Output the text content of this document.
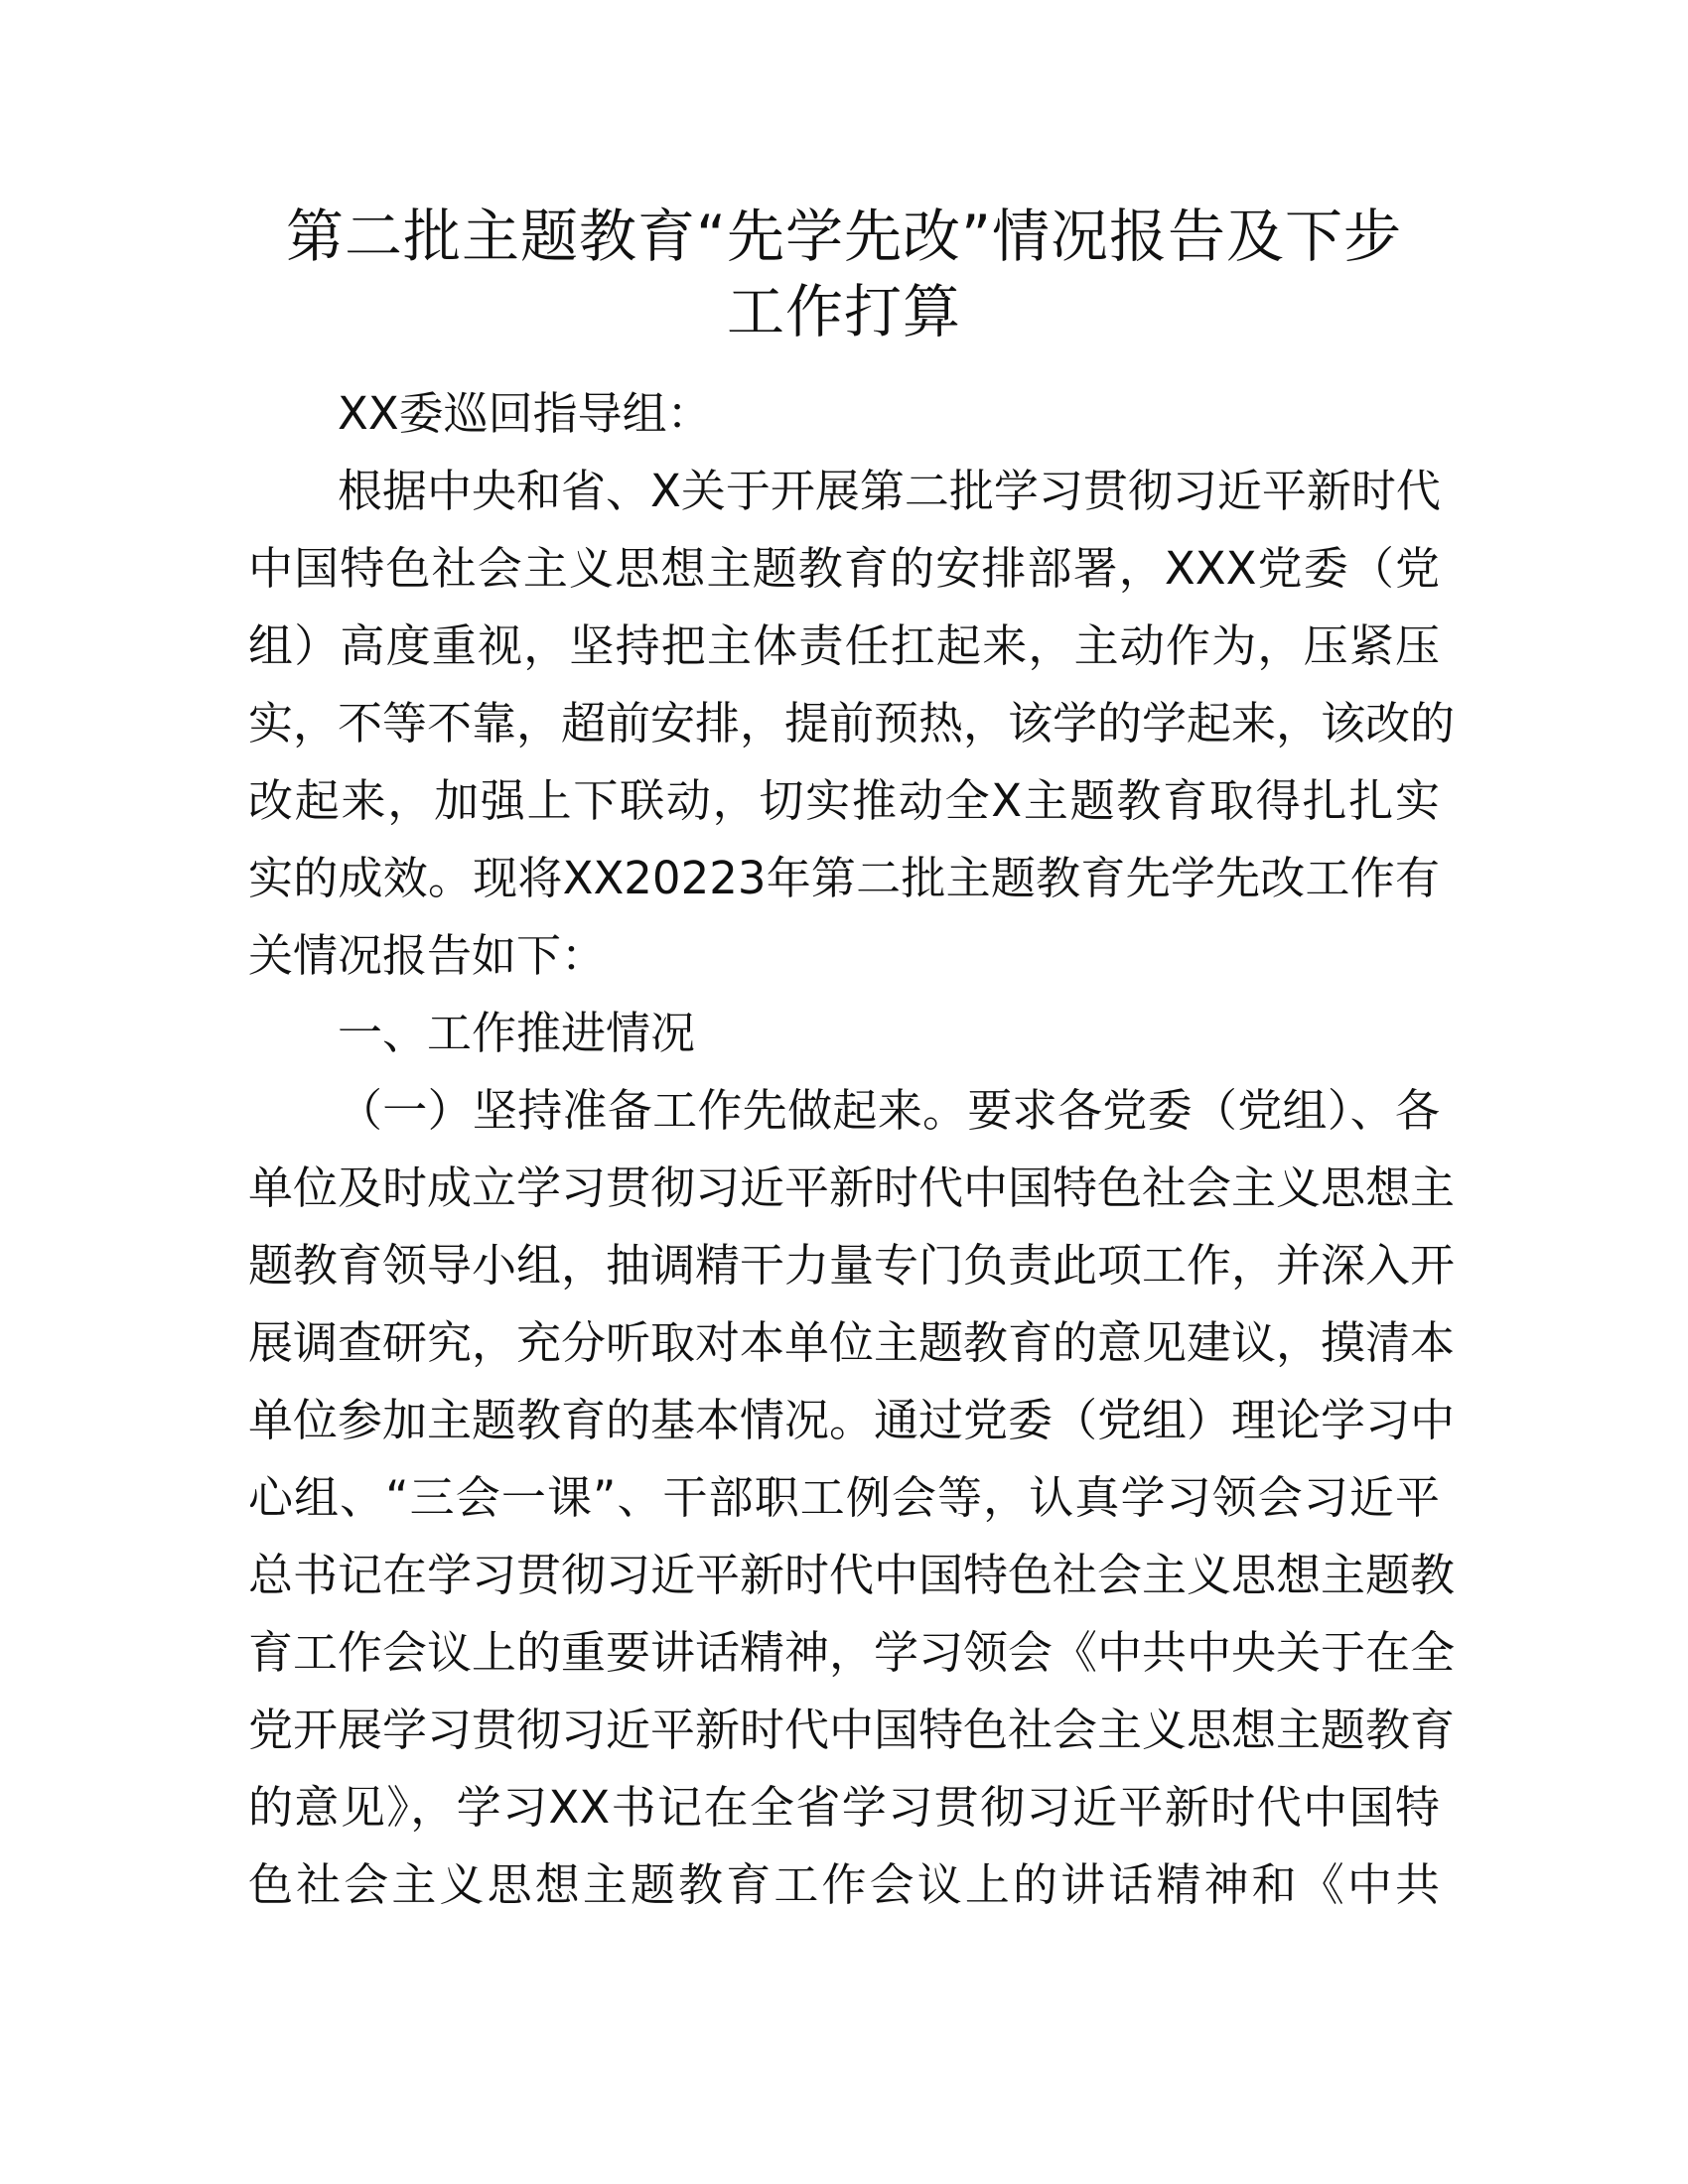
第二批主题教育“先学先改”情况报告及下步
工作打算
XX委巡回指导组：
根据中央和省、X关于开展第二批学习贯彻习近平新时代
中国特色社会主义思想主题教育的安排部署，XXX党委（党
组）高度重视，坚持把主体责任扛起来，主动作为，压紧压
实，不等不靠，超前安排，提前预热，该学的学起来，该改的
改起来，加强上下联动，切实推动全X主题教育取得扎扎实
实的成效。现将XX20223年第二批主题教育先学先改工作有
关情况报告如下：
一、工作推进情况
（一）坚持准备工作先做起来。要求各党委（党组）、各
单位及时成立学习贯彻习近平新时代中国特色社会主义思想主
题教育领导小组，抽调精干力量专门负责此项工作，并深入开
展调查研究，充分听取对本单位主题教育的意见建议，摸清本
单位参加主题教育的基本情况。通过党委（党组）理论学习中
心组、“三会一课”、干部职工例会等，认真学习领会习近平
总书记在学习贯彻习近平新时代中国特色社会主义思想主题教
育工作会议上的重要讲话精神，学习领会《中共中央关于在全
党开展学习贯彻习近平新时代中国特色社会主义思想主题教育
的意见》，学习XX书记在全省学习贯彻习近平新时代中国特
色社会主义思想主题教育工作会议上的讲话精神和《中共
